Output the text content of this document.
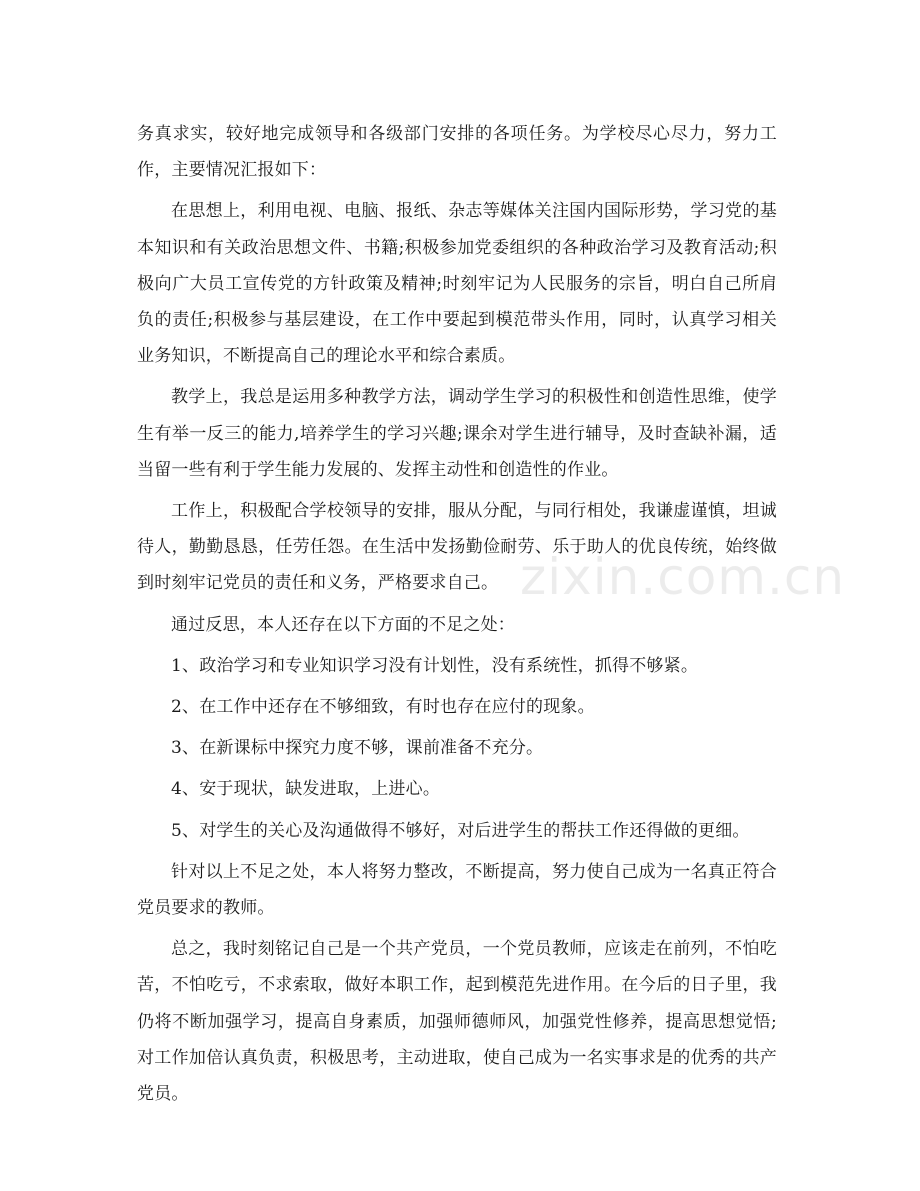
务真求实，较好地完成领导和各级部门安排的各项任务。为学校尽心尽力，努力工作，主要情况汇报如下：

在思想上，利用电视、电脑、报纸、杂志等媒体关注国内国际形势，学习党的基本知识和有关政治思想文件、书籍;积极参加党委组织的各种政治学习及教育活动;积极向广大员工宣传党的方针政策及精神;时刻牢记为人民服务的宗旨，明白自己所肩负的责任;积极参与基层建设，在工作中要起到模范带头作用，同时，认真学习相关业务知识，不断提高自己的理论水平和综合素质。

教学上，我总是运用多种教学方法，调动学生学习的积极性和创造性思维，使学生有举一反三的能力,培养学生的学习兴趣;课余对学生进行辅导，及时查缺补漏，适当留一些有利于学生能力发展的、发挥主动性和创造性的作业。

工作上，积极配合学校领导的安排，服从分配，与同行相处，我谦虚谨慎，坦诚待人，勤勤恳恳，任劳任怨。在生活中发扬勤俭耐劳、乐于助人的优良传统，始终做到时刻牢记党员的责任和义务，严格要求自己。

通过反思，本人还存在以下方面的不足之处：

1、政治学习和专业知识学习没有计划性，没有系统性，抓得不够紧。

2、在工作中还存在不够细致，有时也存在应付的现象。

3、在新课标中探究力度不够，课前准备不充分。

4、安于现状，缺发进取，上进心。

5、对学生的关心及沟通做得不够好，对后进学生的帮扶工作还得做的更细。

针对以上不足之处，本人将努力整改，不断提高，努力使自己成为一名真正符合党员要求的教师。

总之，我时刻铭记自己是一个共产党员，一个党员教师，应该走在前列，不怕吃苦，不怕吃亏，不求索取，做好本职工作，起到模范先进作用。在今后的日子里，我仍将不断加强学习，提高自身素质，加强师德师风，加强党性修养，提高思想觉悟;对工作加倍认真负责，积极思考，主动进取，使自己成为一名实事求是的优秀的共产党员。

zixin.com.cn
